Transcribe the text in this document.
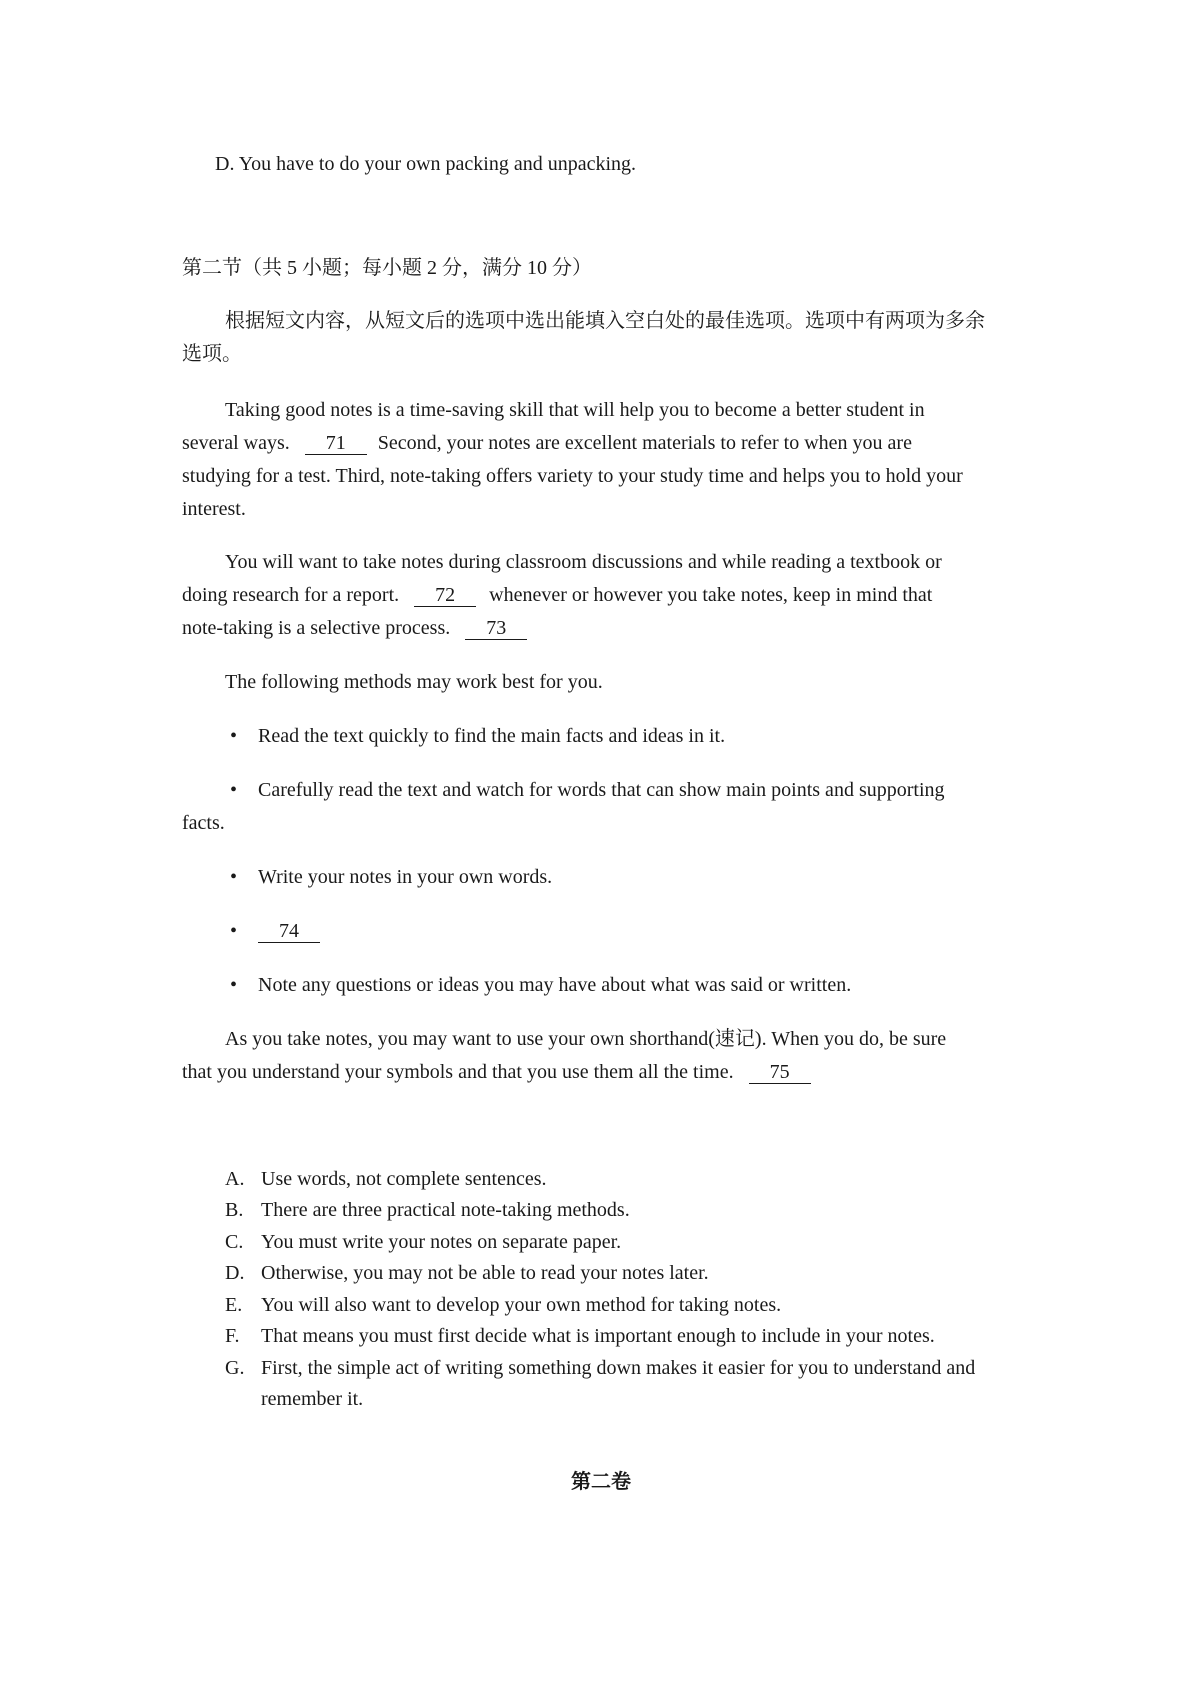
D. You have to do your own packing and unpacking.
第二节（共 5 小题；每小题 2 分，满分 10 分）
根据短文内容，从短文后的选项中选出能填入空白处的最佳选项。选项中有两项为多余
选项。
Taking good notes is a time-saving skill that will help you to become a better student in
several ways. 71 Second, your notes are excellent materials to refer to when you are
studying for a test. Third, note-taking offers variety to your study time and helps you to hold your
interest.
You will want to take notes during classroom discussions and while reading a textbook or
doing research for a report. 72 whenever or however you take notes, keep in mind that
note-taking is a selective process. 73
The following methods may work best for you.
• Read the text quickly to find the main facts and ideas in it.
• Carefully read the text and watch for words that can show main points and supporting
facts.
• Write your notes in your own words.
• 74
• Note any questions or ideas you may have about what was said or written.
As you take notes, you may want to use your own shorthand(速记). When you do, be sure
that you understand your symbols and that you use them all the time. 75
A. Use words, not complete sentences.
B. There are three practical note-taking methods.
C. You must write your notes on separate paper.
D. Otherwise, you may not be able to read your notes later.
E. You will also want to develop your own method for taking notes.
F. That means you must first decide what is important enough to include in your notes.
G. First, the simple act of writing something down makes it easier for you to understand and
remember it.
第二卷
